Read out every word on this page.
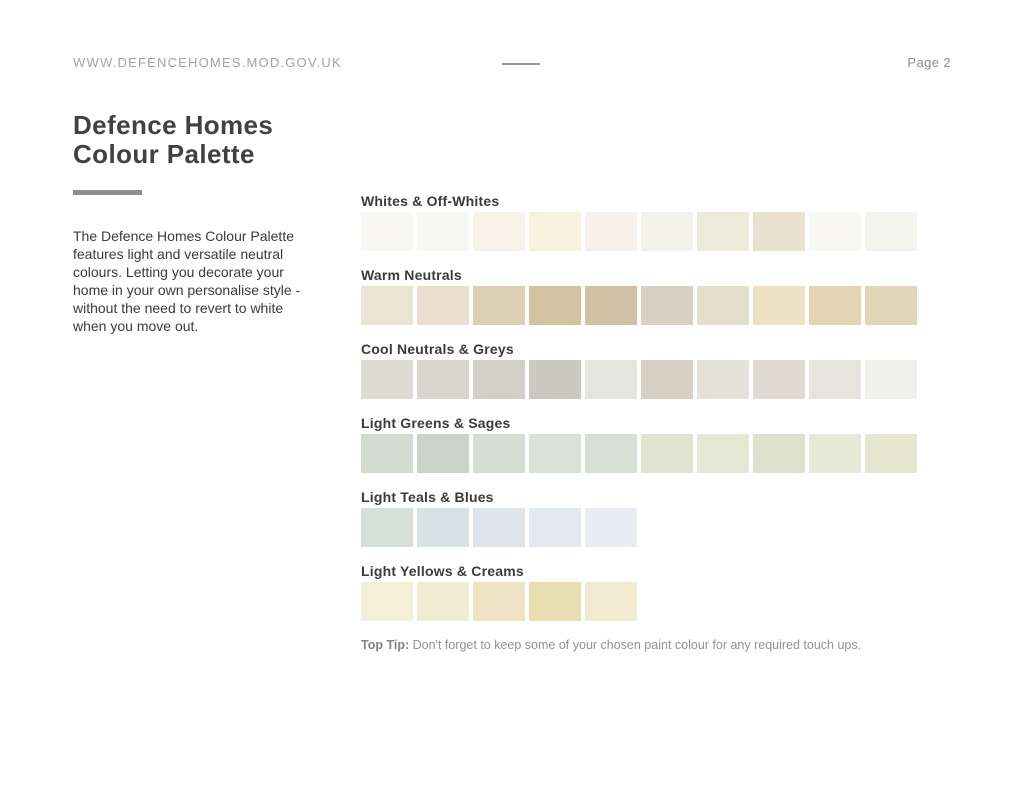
WWW.DEFENCEHOMES.MOD.GOV.UK	Page 2
Defence Homes
Colour Palette

The Defence Homes Colour Palette features light and versatile neutral colours. Letting you decorate your home in your own personalise style - without the need to revert to white when you move out.

Whites & Off-Whites
Warm Neutrals
Cool Neutrals & Greys
Light Greens & Sages
Light Teals & Blues
Light Yellows & Creams

Top Tip: Don't forget to keep some of your chosen paint colour for any required touch ups.
